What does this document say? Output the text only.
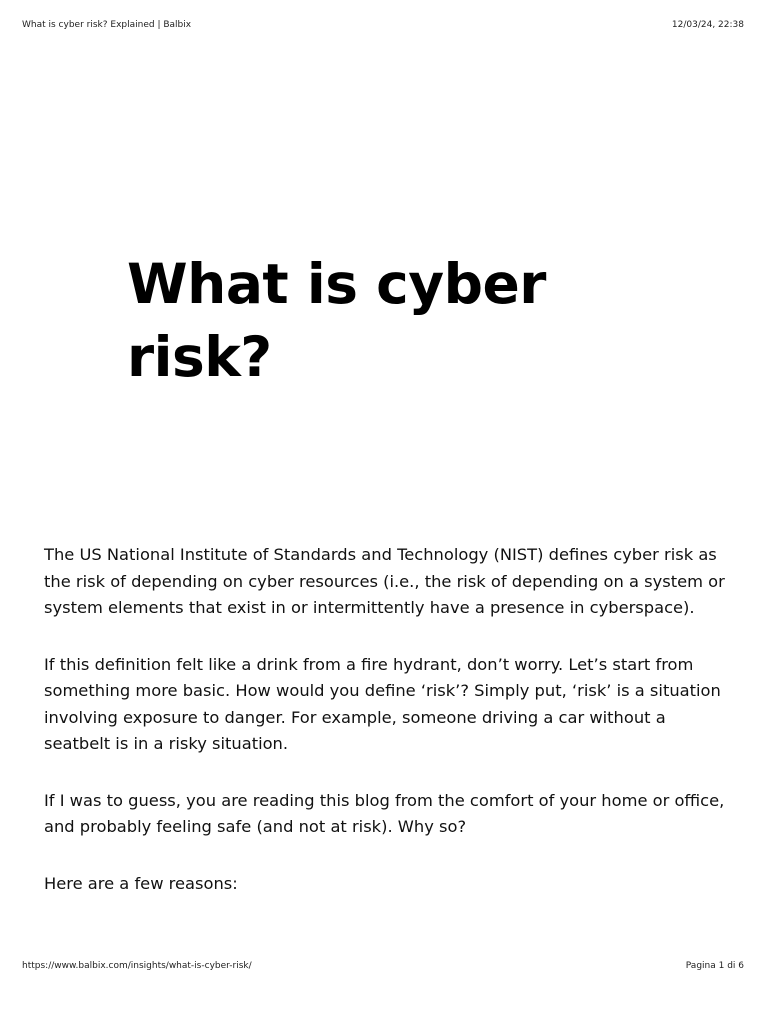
What is cyber risk? Explained | Balbix	12/03/24, 22:38
What is cyber risk?

The US National Institute of Standards and Technology (NIST) defines cyber risk as the risk of depending on cyber resources (i.e., the risk of depending on a system or system elements that exist in or intermittently have a presence in cyberspace).

If this definition felt like a drink from a fire hydrant, don’t worry. Let’s start from something more basic. How would you define ‘risk’? Simply put, ‘risk’ is a situation involving exposure to danger. For example, someone driving a car without a seatbelt is in a risky situation.

If I was to guess, you are reading this blog from the comfort of your home or office, and probably feeling safe (and not at risk). Why so?

Here are a few reasons:

https://www.balbix.com/insights/what-is-cyber-risk/	Pagina 1 di 6
